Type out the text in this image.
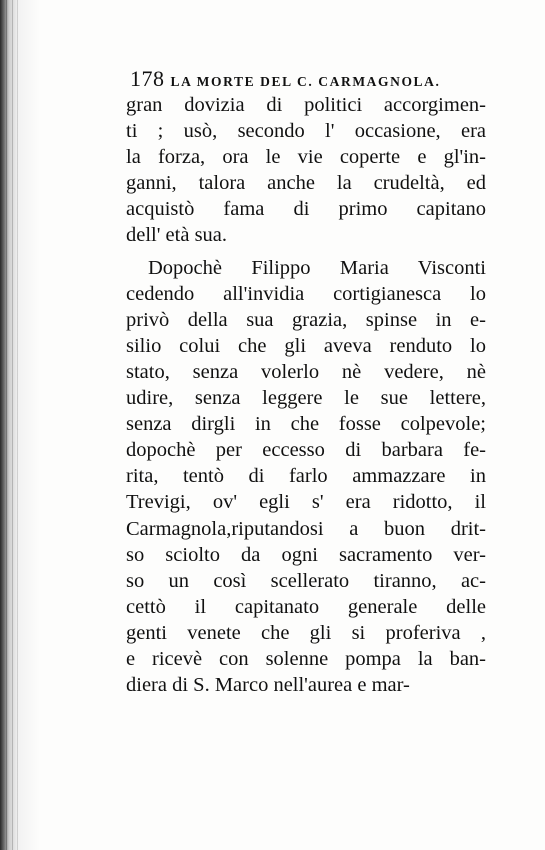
178 LA MORTE DEL C. CARMAGNOLA.
gran dovizia di politici accorgimen-
ti ; usò, secondo l' occasione, era
la forza, ora le vie coperte e gl'in-
ganni, talora anche la crudeltà, ed
acquistò fama di primo capitano
dell' età sua.
Dopochè Filippo Maria Visconti
cedendo all'invidia cortigianesca lo
privò della sua grazia, spinse in e-
silio colui che gli aveva renduto lo
stato, senza volerlo nè vedere, nè
udire, senza leggere le sue lettere,
senza dirgli in che fosse colpevole;
dopochè per eccesso di barbara fe-
rita, tentò di farlo ammazzare in
Trevigi, ov' egli s' era ridotto, il
Carmagnola,riputandosi a buon drit-
so sciolto da ogni sacramento ver-
so un così scellerato tiranno, ac-
cettò il capitanato generale delle
genti venete che gli si proferiva ,
e ricevè con solenne pompa la ban-
diera di S. Marco nell'aurea e mar-
